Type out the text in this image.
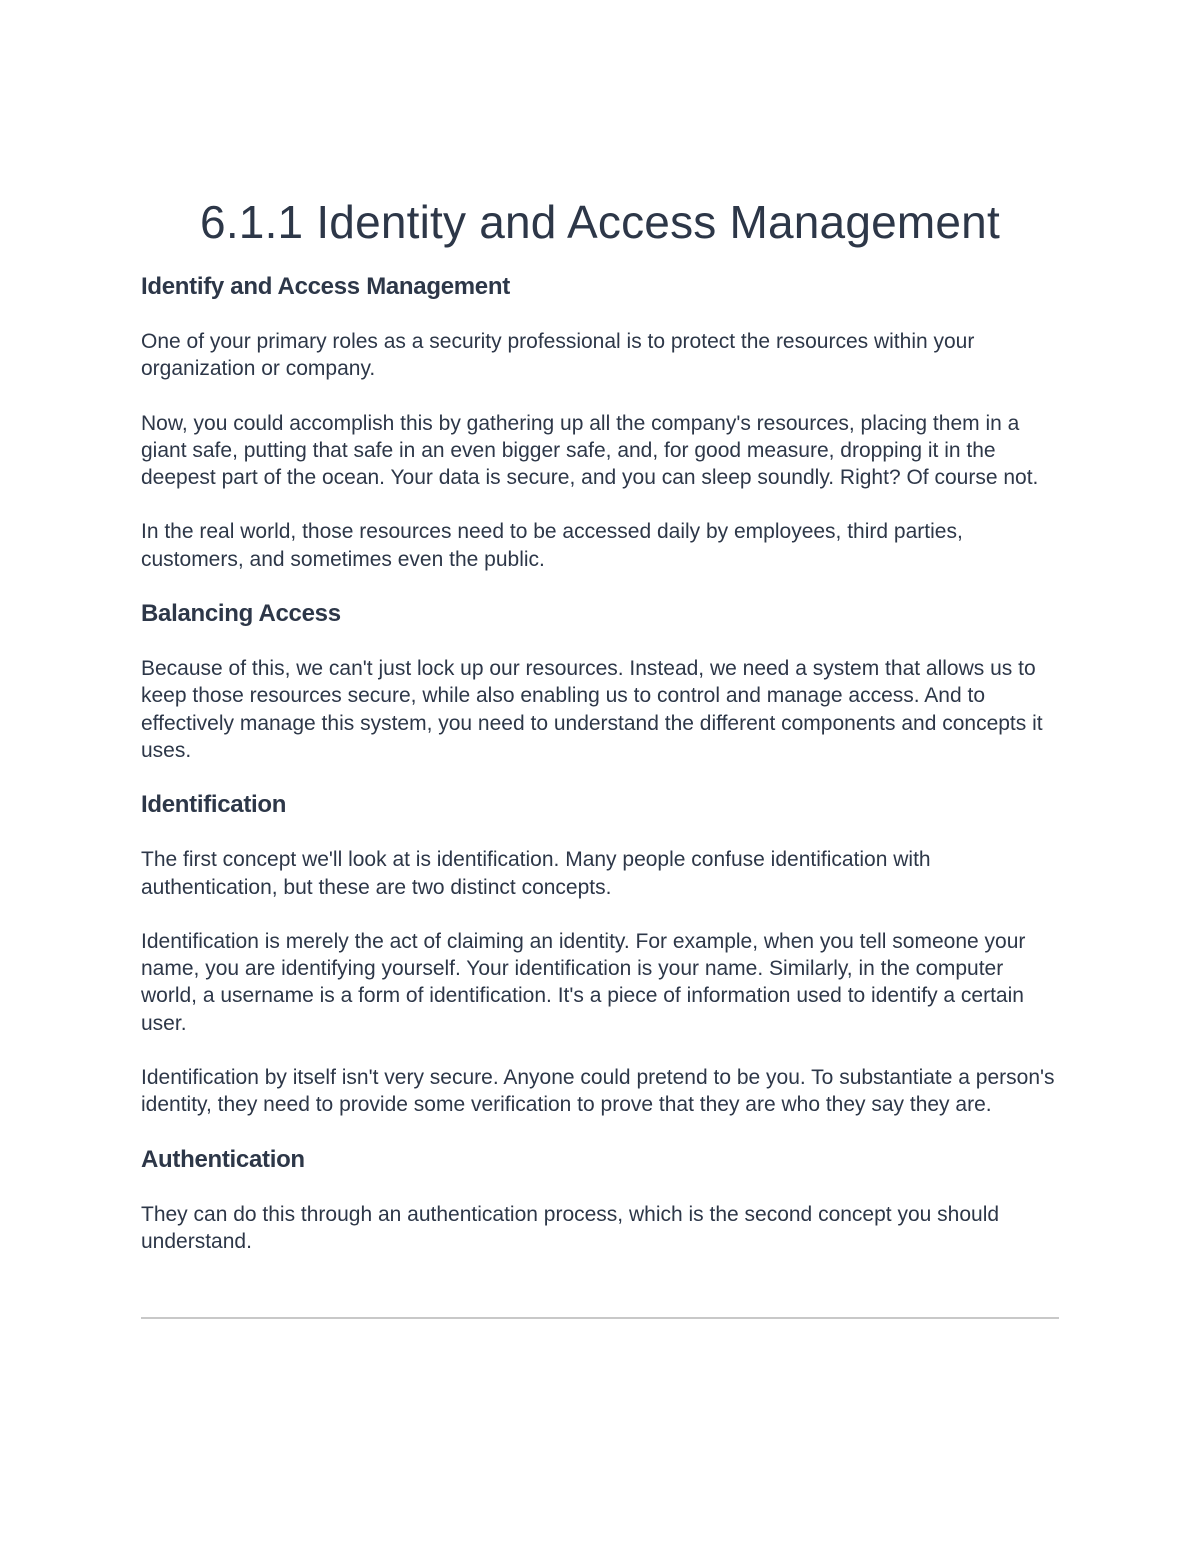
6.1.1 Identity and Access Management
Identify and Access Management

One of your primary roles as a security professional is to protect the resources within your organization or company.

Now, you could accomplish this by gathering up all the company's resources, placing them in a giant safe, putting that safe in an even bigger safe, and, for good measure, dropping it in the deepest part of the ocean. Your data is secure, and you can sleep soundly. Right? Of course not.

In the real world, those resources need to be accessed daily by employees, third parties, customers, and sometimes even the public.

Balancing Access

Because of this, we can't just lock up our resources. Instead, we need a system that allows us to keep those resources secure, while also enabling us to control and manage access. And to effectively manage this system, you need to understand the different components and concepts it uses.

Identification

The first concept we'll look at is identification. Many people confuse identification with authentication, but these are two distinct concepts.

Identification is merely the act of claiming an identity. For example, when you tell someone your name, you are identifying yourself. Your identification is your name. Similarly, in the computer world, a username is a form of identification. It's a piece of information used to identify a certain user.

Identification by itself isn't very secure. Anyone could pretend to be you. To substantiate a person's identity, they need to provide some verification to prove that they are who they say they are.

Authentication

They can do this through an authentication process, which is the second concept you should understand.
